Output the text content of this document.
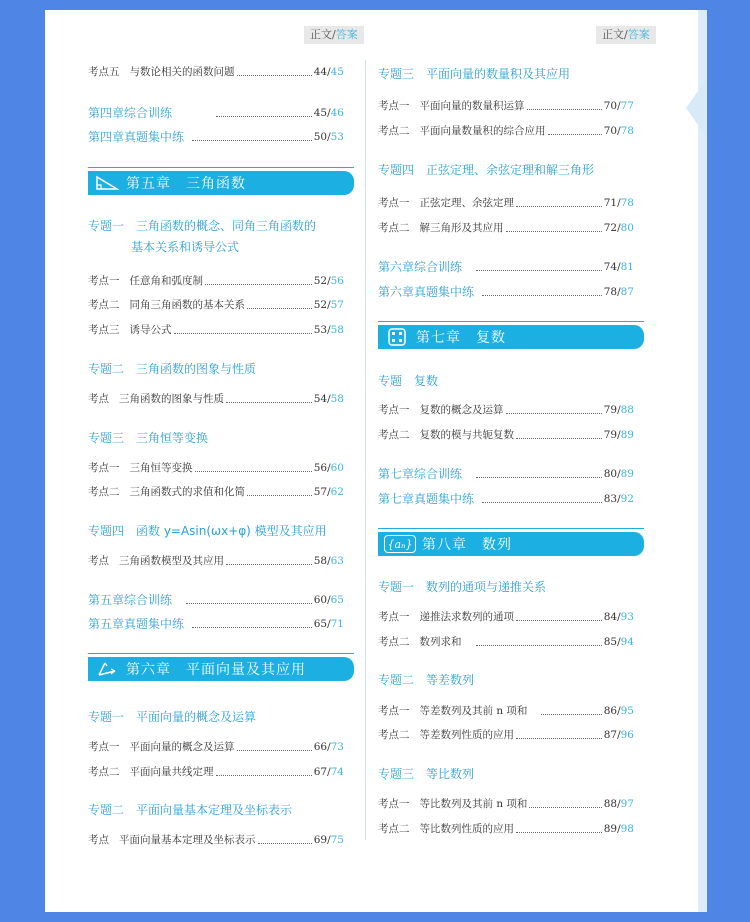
正文/答案	正文/答案
考点五 与数论相关的函数问题	44/45
第四章综合训练	45/46
第四章真题集中练	50/53
第五章　三角函数
专题一　三角函数的概念、同角三角函数的
基本关系和诱导公式
考点一 任意角和弧度制	52/56
考点二 同角三角函数的基本关系	52/57
考点三 诱导公式	53/58
专题二　三角函数的图象与性质
考点 三角函数的图象与性质	54/58
专题三　三角恒等变换
考点一 三角恒等变换	56/60
考点二 三角函数式的求值和化简	57/62
专题四　函数 y=Asin(ωx+φ) 模型及其应用
考点 三角函数模型及其应用	58/63
第五章综合训练	60/65
第五章真题集中练	65/71
第六章　平面向量及其应用
专题一　平面向量的概念及运算
考点一 平面向量的概念及运算	66/73
考点二 平面向量共线定理	67/74
专题二　平面向量基本定理及坐标表示
考点 平面向量基本定理及坐标表示	69/75
专题三　平面向量的数量积及其应用
考点一 平面向量的数量积运算	70/77
考点二 平面向量数量积的综合应用	70/78
专题四　正弦定理、余弦定理和解三角形
考点一 正弦定理、余弦定理	71/78
考点二 解三角形及其应用	72/80
第六章综合训练	74/81
第六章真题集中练	78/87
第七章　复数
专题　复数
考点一 复数的概念及运算	79/88
考点二 复数的模与共轭复数	79/89
第七章综合训练	80/89
第七章真题集中练	83/92
{aₙ} 第八章　数列
专题一　数列的通项与递推关系
考点一 递推法求数列的通项	84/93
考点二 数列求和	85/94
专题二　等差数列
考点一 等差数列及其前 n 项和	86/95
考点二 等差数列性质的应用	87/96
专题三　等比数列
考点一 等比数列及其前 n 项和	88/97
考点二 等比数列性质的应用	89/98
